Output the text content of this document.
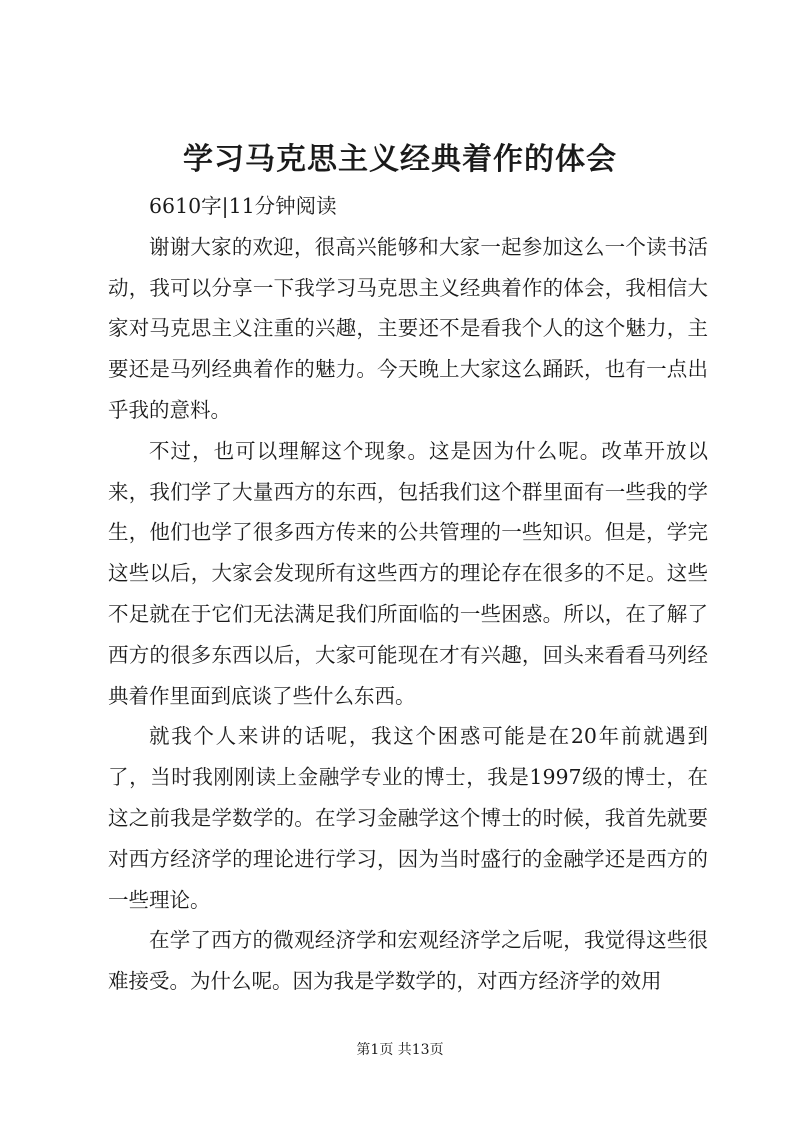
学习马克思主义经典着作的体会

6610字|11分钟阅读

谢谢大家的欢迎，很高兴能够和大家一起参加这么一个读书活动，我可以分享一下我学习马克思主义经典着作的体会，我相信大家对马克思主义注重的兴趣，主要还不是看我个人的这个魅力，主要还是马列经典着作的魅力。今天晚上大家这么踊跃，也有一点出乎我的意料。

不过，也可以理解这个现象。这是因为什么呢。改革开放以来，我们学了大量西方的东西，包括我们这个群里面有一些我的学生，他们也学了很多西方传来的公共管理的一些知识。但是，学完这些以后，大家会发现所有这些西方的理论存在很多的不足。这些不足就在于它们无法满足我们所面临的一些困惑。所以，在了解了西方的很多东西以后，大家可能现在才有兴趣，回头来看看马列经典着作里面到底谈了些什么东西。

就我个人来讲的话呢，我这个困惑可能是在20年前就遇到了，当时我刚刚读上金融学专业的博士，我是1997级的博士，在这之前我是学数学的。在学习金融学这个博士的时候，我首先就要对西方经济学的理论进行学习，因为当时盛行的金融学还是西方的一些理论。

在学了西方的微观经济学和宏观经济学之后呢，我觉得这些很难接受。为什么呢。因为我是学数学的，对西方经济学的效用

第1页 共13页
